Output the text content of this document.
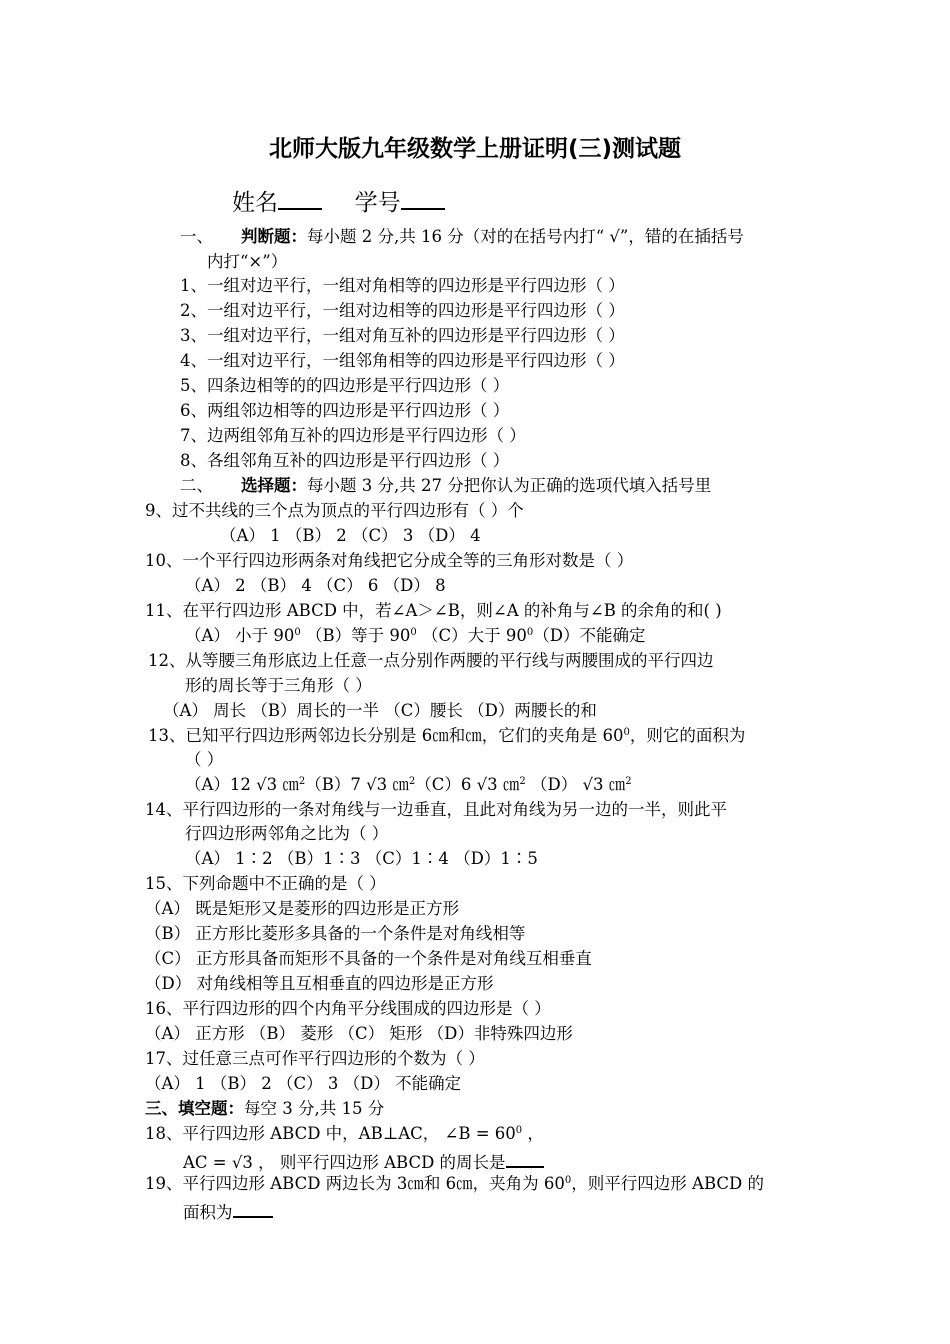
北师大版九年级数学上册证明(三)测试题
姓名	学号
一、 判断题：每小题 2 分,共 16 分（对的在括号内打“ √”，错的在插括号
内打“×”）
1、一组对边平行，一组对角相等的四边形是平行四边形（ ）
2、一组对边平行，一组对边相等的四边形是平行四边形（ ）
3、一组对边平行，一组对角互补的四边形是平行四边形（ ）
4、一组对边平行，一组邻角相等的四边形是平行四边形（ ）
5、四条边相等的的四边形是平行四边形（ ）
6、两组邻边相等的四边形是平行四边形（ ）
7、边两组邻角互补的四边形是平行四边形（ ）
8、各组邻角互补的四边形是平行四边形（ ）
二、 选择题：每小题 3 分,共 27 分把你认为正确的选项代填入括号里
9、过不共线的三个点为顶点的平行四边形有（ ）个
（A） 1 （B） 2 （C） 3 （D） 4
10、一个平行四边形两条对角线把它分成全等的三角形对数是（ ）
（A） 2 （B） 4 （C） 6 （D） 8
11、在平行四边形 ABCD 中，若∠A＞∠B，则∠A 的补角与∠B 的余角的和( )
（A） 小于 $90^0$ （B）等于 $90^0$ （C）大于 $90^0(D)$不能确定
12、从等腰三角形底边上任意一点分别作两腰的平行线与两腰围成的平行四边
形的周长等于三角形（ ）
（A） 周长 （B）周长的一半 （C）腰长 （D）两腰长的和
13、已知平行四边形两邻边长分别是 6㎝和㎝，它们的夹角是 $60^0$，则它的面积为
（ ）
（A）12 √3 ㎝$^2$（B）7 √3 ㎝$^2$（C）6 √3 ㎝$^2$ （D） √3 ㎝$^2$
14、平行四边形的一条对角线与一边垂直，且此对角线为另一边的一半，则此平
行四边形两邻角之比为（ ）
（A） 1∶2 （B）1∶3 （C）1∶4 （D）1∶5
15、下列命题中不正确的是（ ）
（A） 既是矩形又是菱形的四边形是正方形
（B） 正方形比菱形多具备的一个条件是对角线相等
（C） 正方形具备而矩形不具备的一个条件是对角线互相垂直
（D） 对角线相等且互相垂直的四边形是正方形
16、平行四边形的四个内角平分线围成的四边形是（ ）
（A） 正方形 （B） 菱形 （C） 矩形 （D）非特殊四边形
17、过任意三点可作平行四边形的个数为（ ）
（A） 1 （B） 2 （C） 3 （D） 不能确定
三、填空题：每空 3 分,共 15 分
18、平行四边形 ABCD 中，AB⊥AC， ∠B = $60^0$ ，
AC = √3 ， 则平行四边形 ABCD 的周长是
19、平行四边形 ABCD 两边长为 3㎝和 6㎝，夹角为 $60^0$，则平行四边形 ABCD 的
面积为
